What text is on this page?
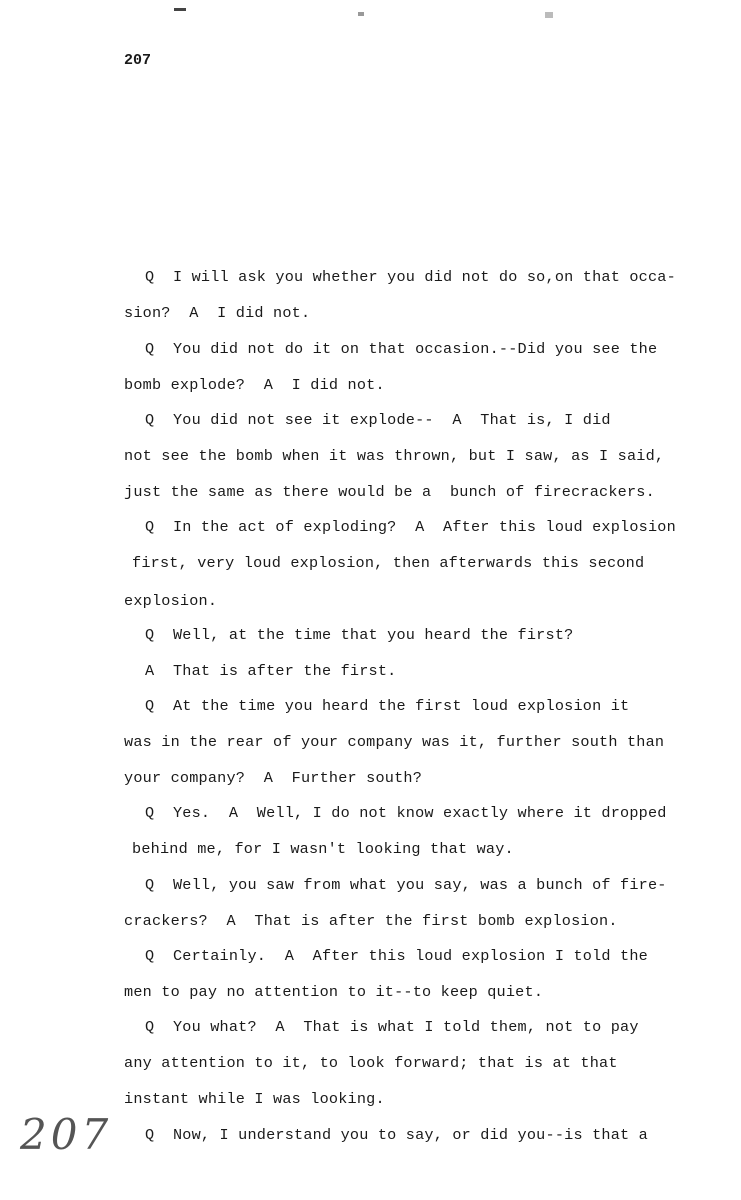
207
Q  I will ask you whether you did not do so,on that occa-
sion?  A  I did not.
Q  You did not do it on that occasion.--Did you see the
bomb explode?  A  I did not.
Q  You did not see it explode--  A  That is, I did
not see the bomb when it was thrown, but I saw, as I said,
just the same as there would be a  bunch of firecrackers.
Q  In the act of exploding?  A  After this loud explosion
first, very loud explosion, then afterwards this second
explosion.
Q  Well, at the time that you heard the first?
A  That is after the first.
Q  At the time you heard the first loud explosion it
was in the rear of your company was it, further south than
your company?  A  Further south?
Q  Yes.  A  Well, I do not know exactly where it dropped
behind me, for I wasn't looking that way.
Q  Well, you saw from what you say, was a bunch of fire-
crackers?  A  That is after the first bomb explosion.
Q  Certainly.  A  After this loud explosion I told the
men to pay no attention to it--to keep quiet.
Q  You what?  A  That is what I told them, not to pay
any attention to it, to look forward; that is at that
instant while I was looking.
Q  Now, I understand you to say, or did you--is that a
207
